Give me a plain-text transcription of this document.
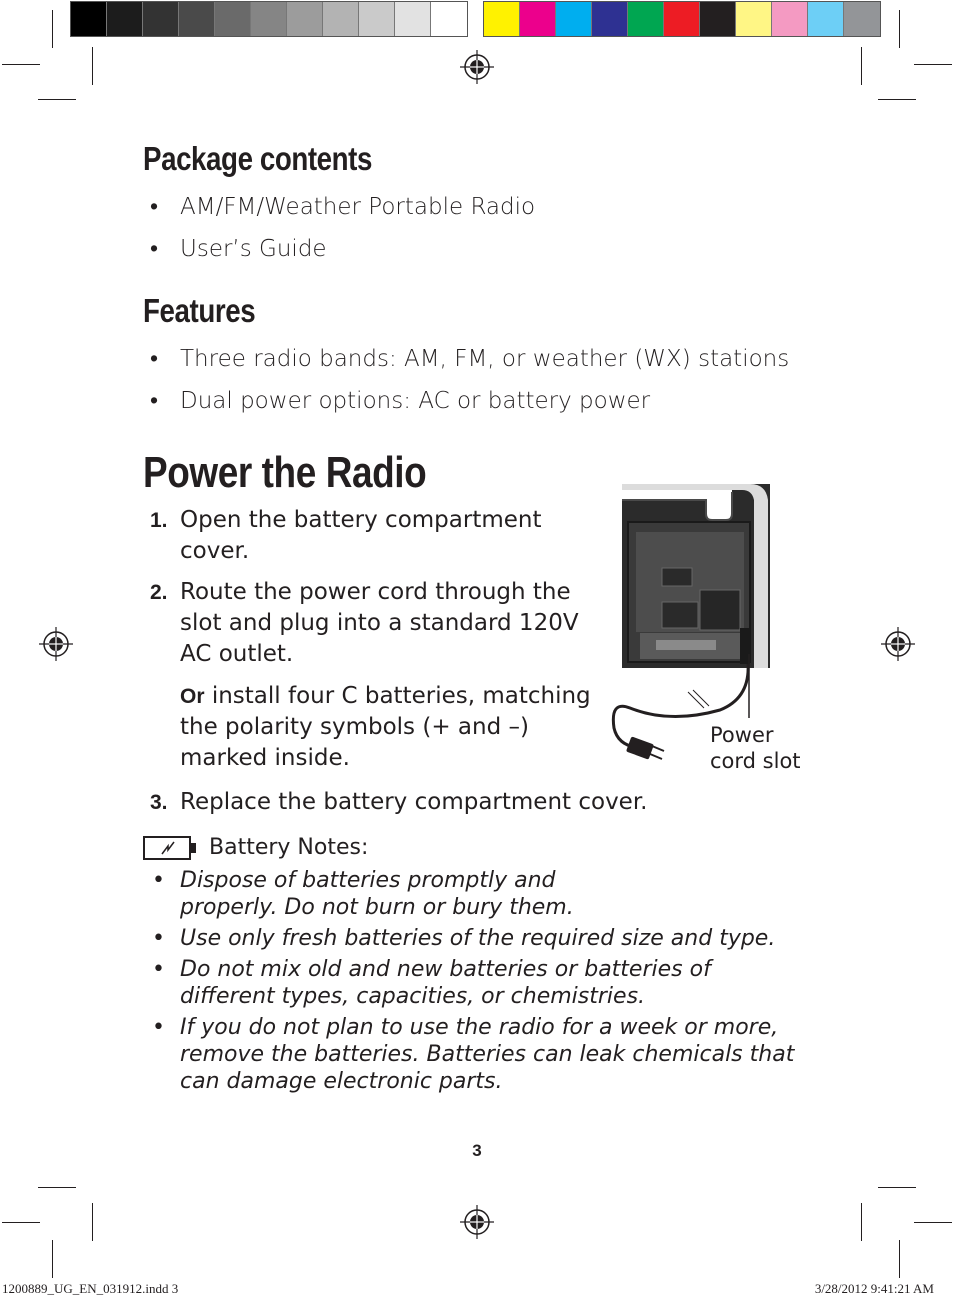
Package contents
• AM/FM/Weather Portable Radio
• User’s Guide
Features
• Three radio bands: AM, FM, or weather (WX) stations
• Dual power options: AC or battery power
Power the Radio
1. Open the battery compartment cover.
2. Route the power cord through the slot and plug into a standard 120V AC outlet.
Or install four C batteries, matching the polarity symbols (+ and –) marked inside.
3. Replace the battery compartment cover.
Power
cord slot
Battery Notes:
• Dispose of batteries promptly and properly. Do not burn or bury them.
• Use only fresh batteries of the required size and type.
• Do not mix old and new batteries or batteries of different types, capacities, or chemistries.
• If you do not plan to use the radio for a week or more, remove the batteries. Batteries can leak chemicals that can damage electronic parts.
3
1200889_UG_EN_031912.indd 3	3/28/2012 9:41:21 AM
